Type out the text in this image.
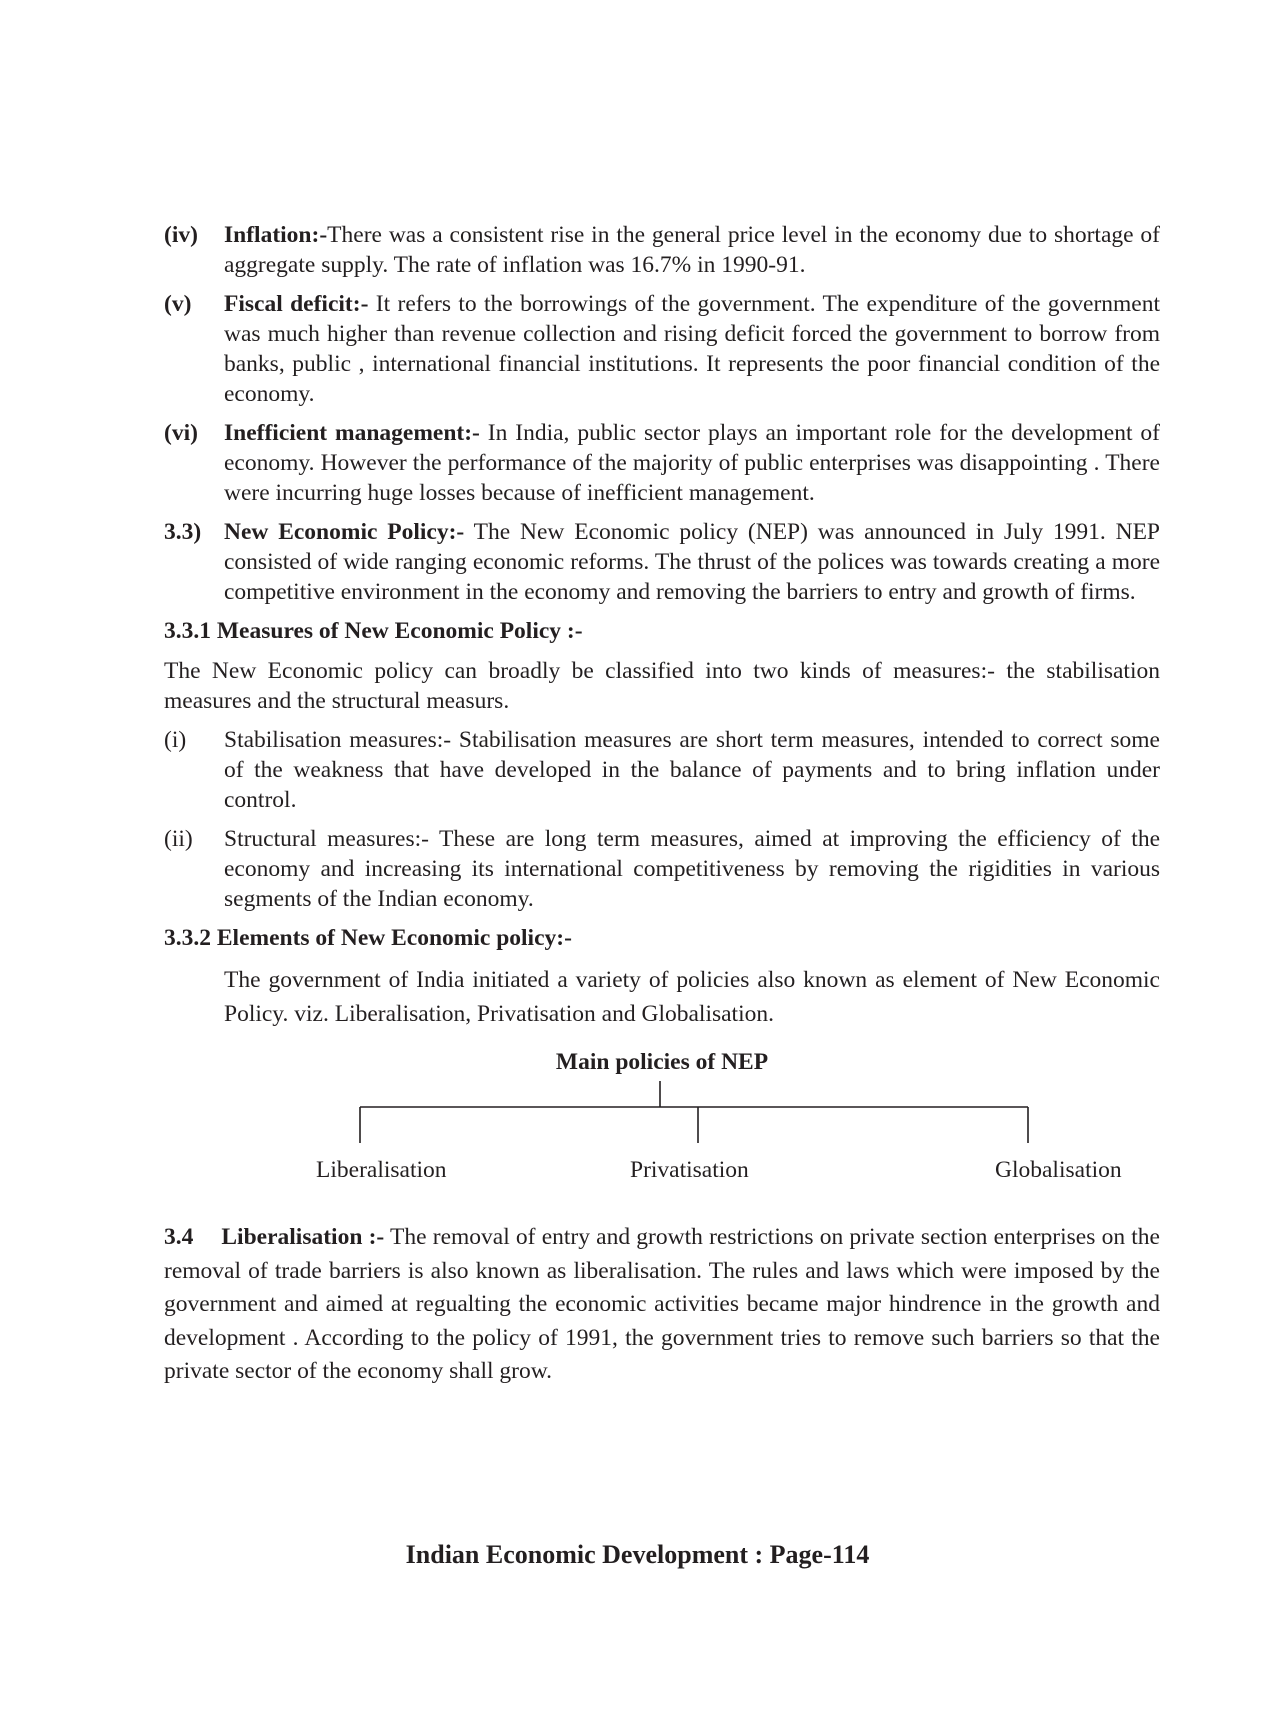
(iv)	Inflation:-There was a consistent rise in the general price level in the economy due to shortage of aggregate supply. The rate of inflation was 16.7% in 1990-91.
(v)	Fiscal deficit:- It refers to the borrowings of the government. The expenditure of the government was much higher than revenue collection and rising deficit forced the government to borrow from banks, public , international financial institutions. It represents the poor financial condition of the economy.
(vi)	Inefficient management:- In India, public sector plays an important role for the development of economy. However the performance of the majority of public enterprises was disappointing . There were incurring huge losses because of inefficient management.
3.3) New Economic Policy:- The New Economic policy (NEP) was announced in July 1991. NEP consisted of wide ranging economic reforms. The thrust of the polices was towards creating a more competitive environment in the economy and removing the barriers to entry and growth of firms.
3.3.1 Measures of New Economic Policy :-
The New Economic policy can broadly be classified into two kinds of measures:- the stabilisation measures and the structural measurs.
(i)	Stabilisation measures:- Stabilisation measures are short term measures, intended to correct some of the weakness that have developed in the balance of payments and to bring inflation under control.
(ii)	Structural measures:- These are long term measures, aimed at improving the efficiency of the economy and increasing its international competitiveness by removing the rigidities in various segments of the Indian economy.
3.3.2 Elements of New Economic policy:-
The government of India initiated a variety of policies also known as element of New Economic Policy. viz. Liberalisation, Privatisation and Globalisation.
Main policies of NEP
Liberalisation	Privatisation	Globalisation
3.4 Liberalisation :- The removal of entry and growth restrictions on private section enterprises on the removal of trade barriers is also known as liberalisation. The rules and laws which were imposed by the government and aimed at regualting the economic activities became major hindrence in the growth and development . According to the policy of 1991, the government tries to remove such barriers so that the private sector of the economy shall grow.
Indian Economic Development : Page-114
